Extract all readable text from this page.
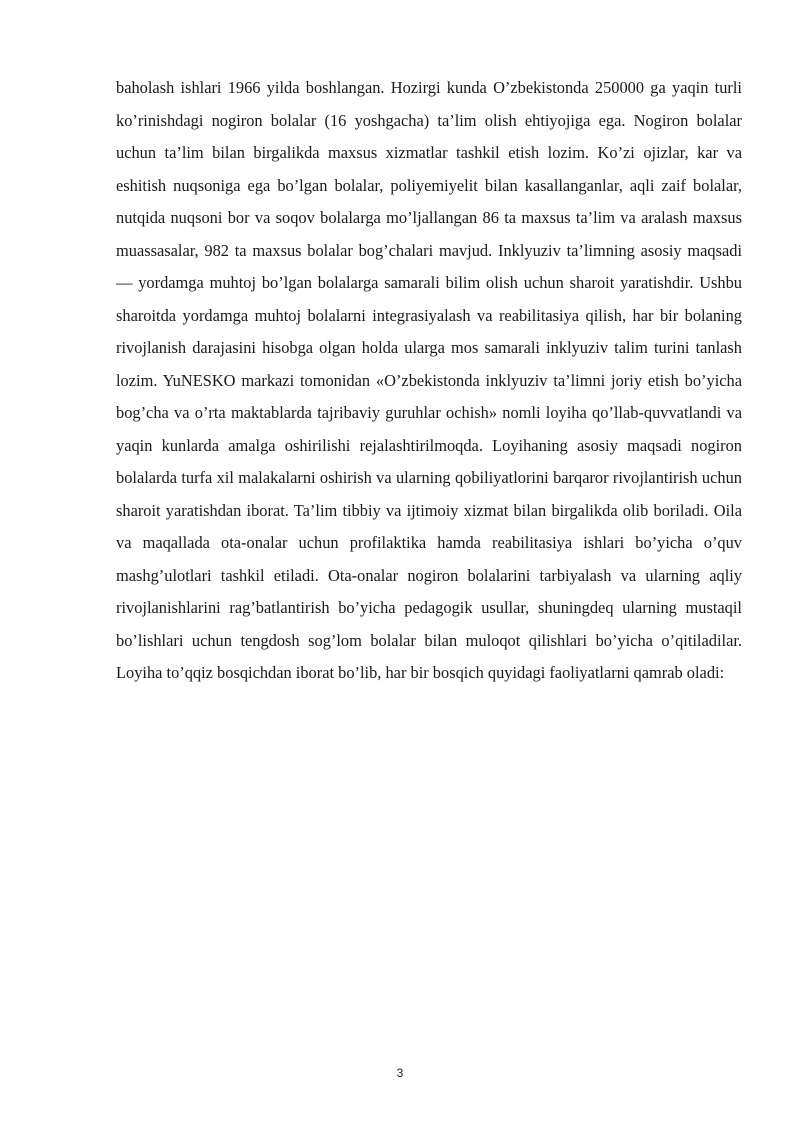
baholash ishlari 1966 yilda boshlangan. Hozirgi kunda O’zbekistonda 250000 ga yaqin turli ko’rinishdagi nogiron bolalar (16 yoshgacha) ta’lim olish ehtiyojiga ega. Nogiron bolalar uchun ta’lim bilan birgalikda maxsus xizmatlar tashkil etish lozim. Ko’zi ojizlar, kar va eshitish nuqsoniga ega bo’lgan bolalar, poliyemiyelit bilan kasallanganlar, aqli zaif bolalar, nutqida nuqsoni bor va soqov bolalarga mo’ljallangan 86 ta maxsus ta’lim va aralash maxsus muassasalar, 982 ta maxsus bolalar bog’chalari mavjud. Inklyuziv ta’limning asosiy maqsadi — yordamga muhtoj bo’lgan bolalarga samarali bilim olish uchun sharoit yaratishdir. Ushbu sharoitda yordamga muhtoj bolalarni integrasiyalash va reabilitasiya qilish, har bir bolaning rivojlanish darajasini hisobga olgan holda ularga mos samarali inklyuziv talim turini tanlash lozim. YuNESKO markazi tomonidan «O’zbekistonda inklyuziv ta’limni joriy etish bo’yicha bog’cha va o’rta maktablarda tajribaviy guruhlar ochish» nomli loyiha qo’llab-quvvatlandi va yaqin kunlarda amalga oshirilishi rejalashtirilmoqda. Loyihaning asosiy maqsadi nogiron bolalarda turfa xil malakalarni oshirish va ularning qobiliyatlorini barqaror rivojlantirish uchun sharoit yaratishdan iborat. Ta’lim tibbiy va ijtimoiy xizmat bilan birgalikda olib boriladi. Oila va maqallada ota-onalar uchun profilaktika hamda reabilitasiya ishlari bo’yicha o’quv mashg’ulotlari tashkil etiladi. Ota-onalar nogiron bolalarini tarbiyalash va ularning aqliy rivojlanishlarini rag’batlantirish bo’yicha pedagogik usullar, shuningdeq ularning mustaqil bo’lishlari uchun tengdosh sog’lom bolalar bilan muloqot qilishlari bo’yicha o’qitiladilar. Loyiha to’qqiz bosqichdan iborat bo’lib, har bir bosqich quyidagi faoliyatlarni qamrab oladi:

3
